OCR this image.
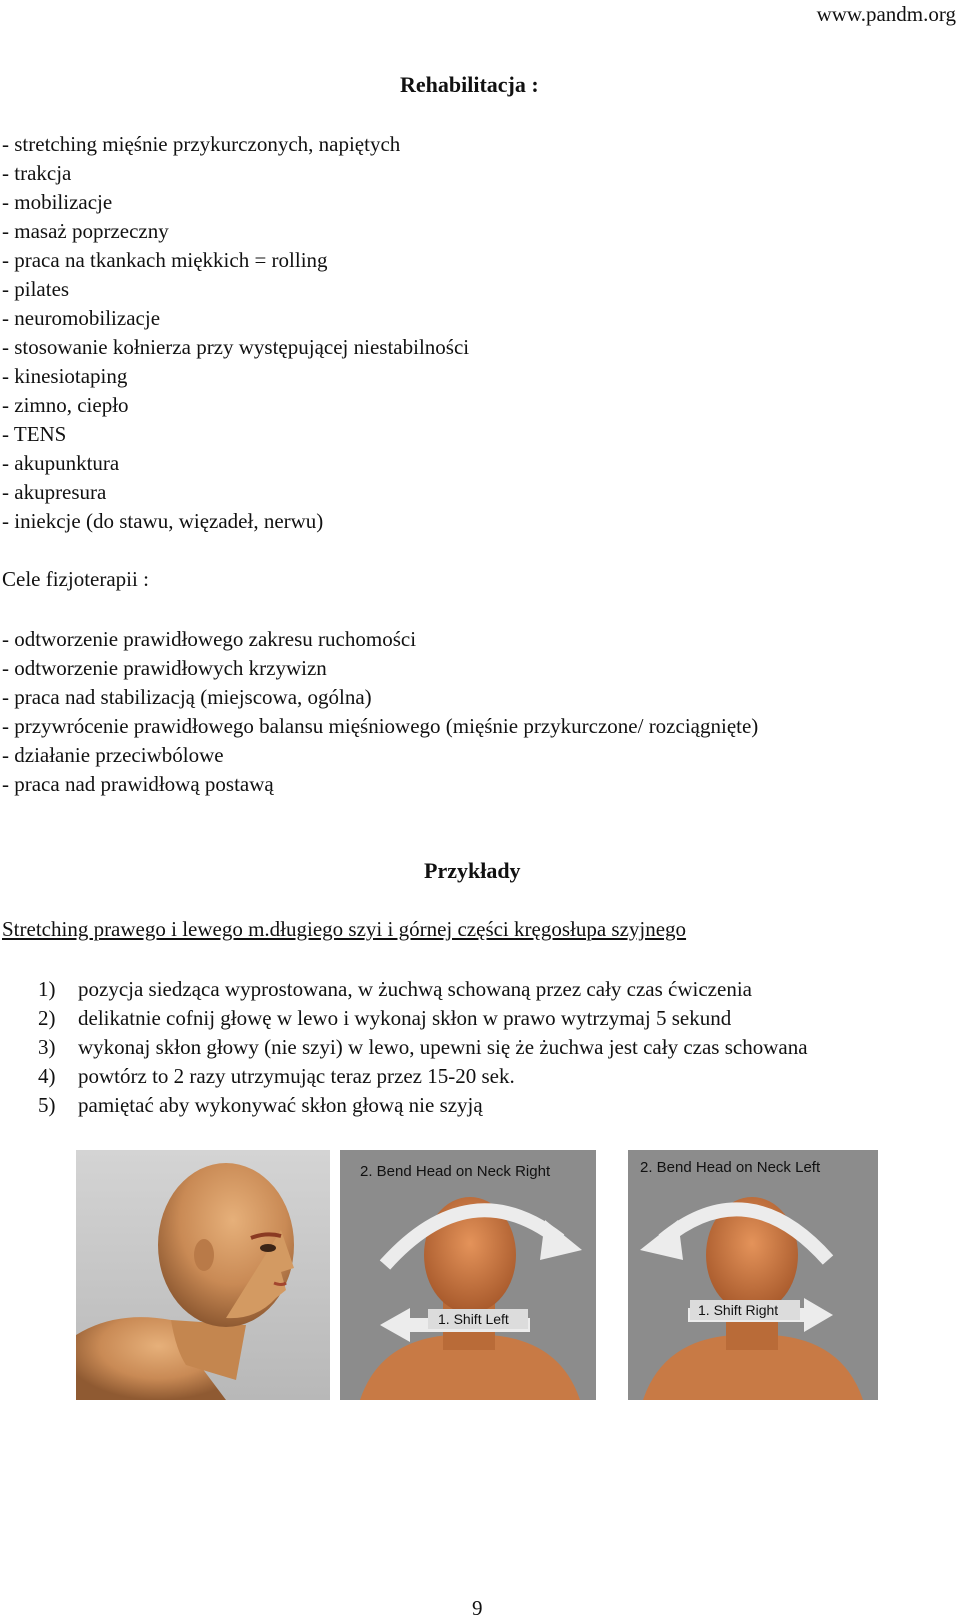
www.pandm.org
Rehabilitacja :
- stretching mięśnie przykurczonych, napiętych
- trakcja
- mobilizacje
- masaż poprzeczny
- praca na tkankach miękkich = rolling
- pilates
- neuromobilizacje
- stosowanie kołnierza przy występującej niestabilności
- kinesiotaping
- zimno, ciepło
- TENS
- akupunktura
- akupresura
- iniekcje (do stawu, więzadeł, nerwu)
Cele fizjoterapii :
- odtworzenie prawidłowego zakresu ruchomości
- odtworzenie prawidłowych krzywizn
- praca nad stabilizacją (miejscowa, ogólna)
- przywrócenie prawidłowego balansu mięśniowego (mięśnie przykurczone/ rozciągnięte)
- działanie przeciwbólowe
- praca nad prawidłową postawą
Przykłady
Stretching prawego i lewego m.długiego szyi i górnej części kręgosłupa szyjnego
1) pozycja siedząca wyprostowana, w żuchwą schowaną przez cały czas ćwiczenia
2) delikatnie cofnij głowę w lewo i wykonaj skłon w prawo wytrzymaj 5 sekund
3) wykonaj skłon głowy (nie szyi) w lewo, upewni się że żuchwa jest cały czas schowana
4) powtórz to 2 razy utrzymując teraz przez 15-20 sek.
5) pamiętać aby wykonywać skłon głową nie szyją
1. Shift Left
2. Bend Head on Neck Right
1. Shift Right
2. Bend Head on Neck Left
9
